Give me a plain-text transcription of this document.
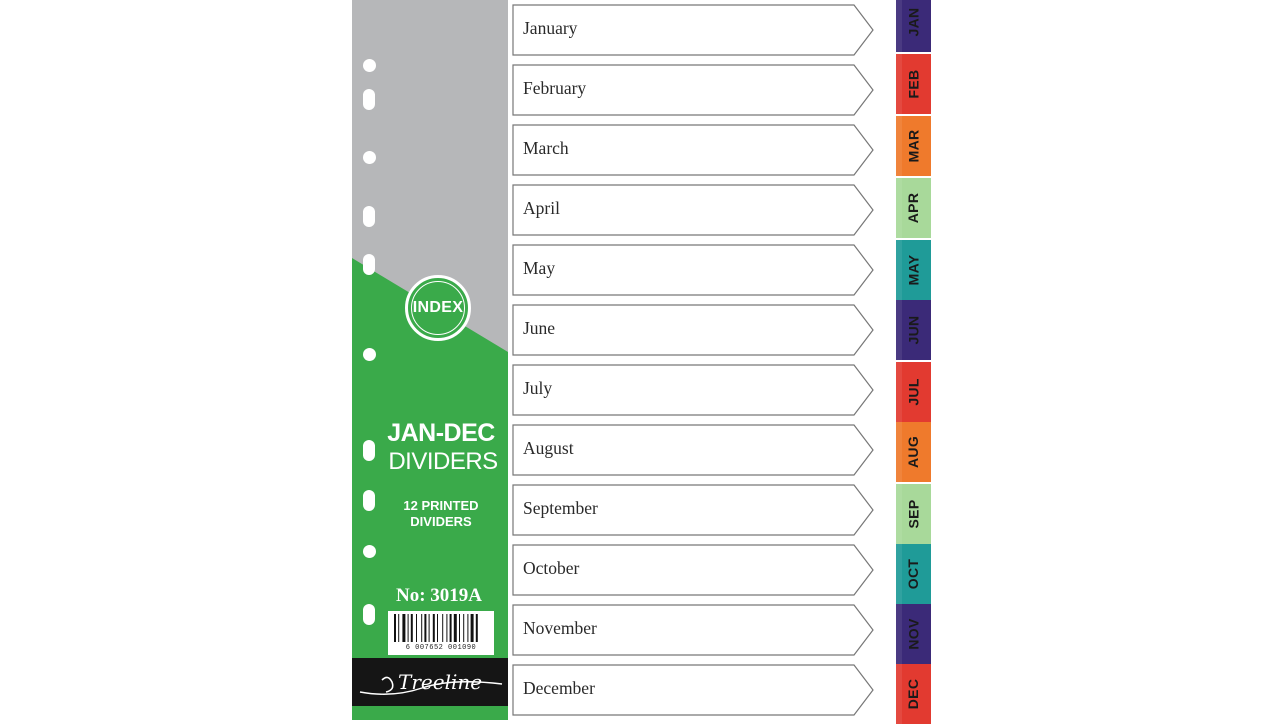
INDEX
JAN-DEC
DIVIDERS
12 PRINTED
DIVIDERS
No: 3019A
6 007652 001090
Treeline
January
February
March
April
May
June
July
August
September
October
November
December
JAN
FEB
MAR
APR
MAY
JUN
JUL
AUG
SEP
OCT
NOV
DEC
